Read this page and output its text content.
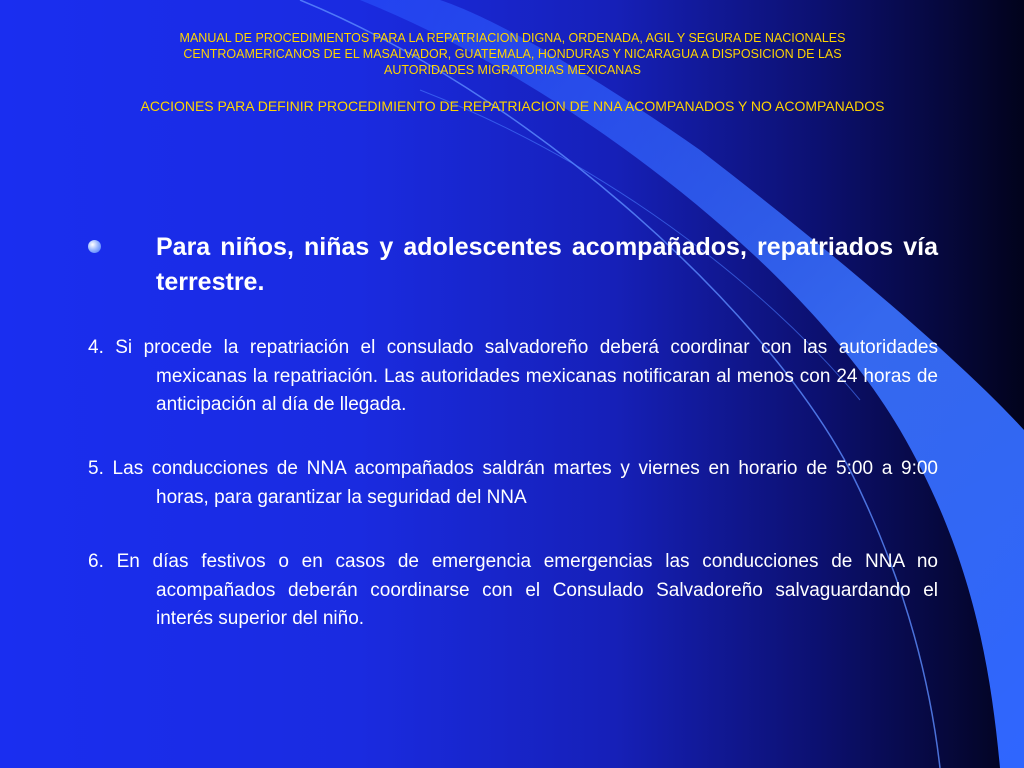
MANUAL DE PROCEDIMIENTOS PARA LA REPATRIACION DIGNA, ORDENADA, AGIL Y SEGURA DE NACIONALES

CENTROAMERICANOS DE EL MASALVADOR, GUATEMALA, HONDURAS Y NICARAGUA A DISPOSICION DE LAS

AUTORIDADES MIGRATORIAS MEXICANAS

ACCIONES PARA DEFINIR PROCEDIMIENTO DE REPATRIACION DE NNA ACOMPANADOS Y NO ACOMPANADOS
Para niños, niñas y adolescentes acompañados, repatriados vía terrestre.
4. Si procede la repatriación el consulado salvadoreño deberá coordinar con las autoridades mexicanas la repatriación. Las autoridades mexicanas notificaran al menos con 24 horas de anticipación al día de llegada.
5. Las conducciones de NNA acompañados saldrán martes y viernes en horario de 5:00 a 9:00 horas, para garantizar la seguridad del NNA
6. En días festivos o en casos de emergencia emergencias las conducciones de NNA no acompañados deberán coordinarse con el Consulado Salvadoreño salvaguardando el interés superior del niño.
